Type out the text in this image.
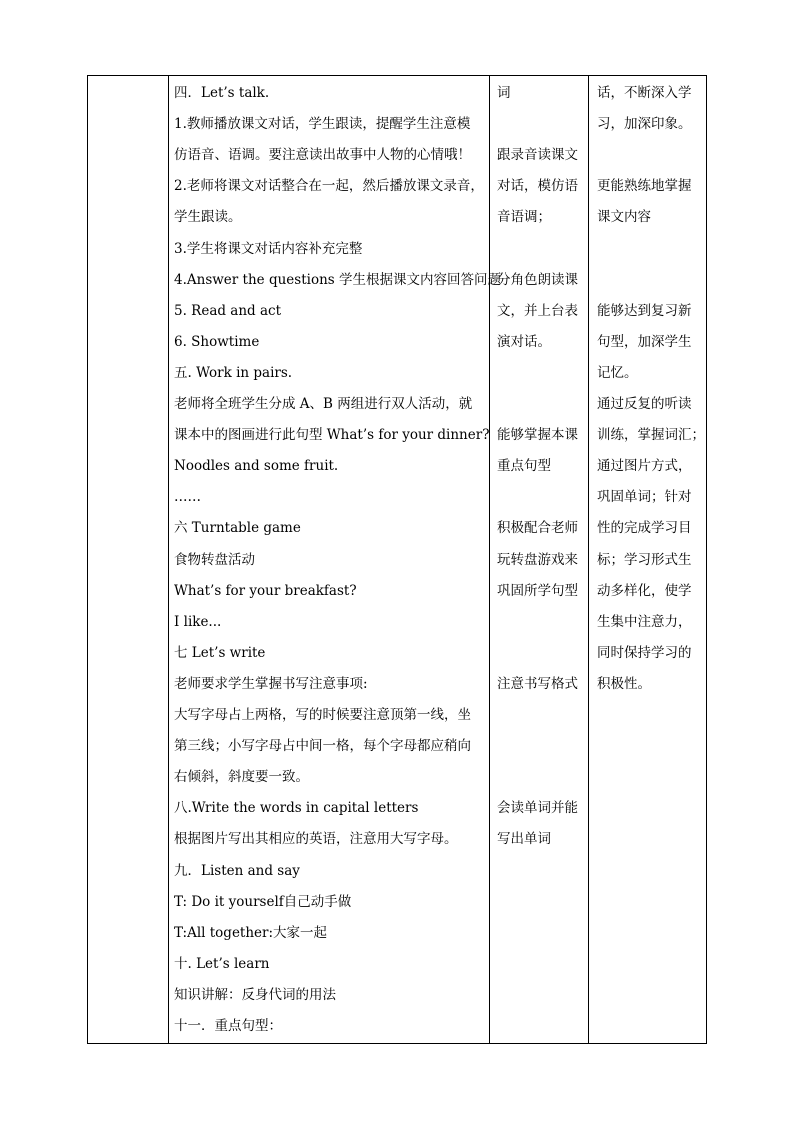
四．Let’s talk.
1.教师播放课文对话，学生跟读，提醒学生注意模
仿语音、语调。要注意读出故事中人物的心情哦！
2.老师将课文对话整合在一起，然后播放课文录音，
学生跟读。
3.学生将课文对话内容补充完整
4.Answer the questions 学生根据课文内容回答问题
5. Read and act
6. Showtime
五. Work in pairs.
老师将全班学生分成 A、B 两组进行双人活动，就
课本中的图画进行此句型 What’s for your dinner?
Noodles and some fruit.
……
六 Turntable game
食物转盘活动
What’s for your breakfast?
I like...
七 Let’s write
老师要求学生掌握书写注意事项:
大写字母占上两格，写的时候要注意顶第一线，坐
第三线；小写字母占中间一格，每个字母都应稍向
右倾斜，斜度要一致。
八.Write the words in capital letters
根据图片写出其相应的英语，注意用大写字母。
九．Listen and say
T: Do it yourself自己动手做
T:All together:大家一起
十. Let’s learn
知识讲解：反身代词的用法
十一．重点句型：
词
跟录音读课文
对话，模仿语
音语调；
分角色朗读课
文，并上台表
演对话。
能够掌握本课
重点句型
积极配合老师
玩转盘游戏来
巩固所学句型
注意书写格式
会读单词并能
写出单词
话，不断深入学
习，加深印象。
更能熟练地掌握
课文内容
能够达到复习新
句型，加深学生
记忆。
通过反复的听读
训练，掌握词汇；
通过图片方式，
巩固单词；针对
性的完成学习目
标；学习形式生
动多样化，使学
生集中注意力，
同时保持学习的
积极性。
